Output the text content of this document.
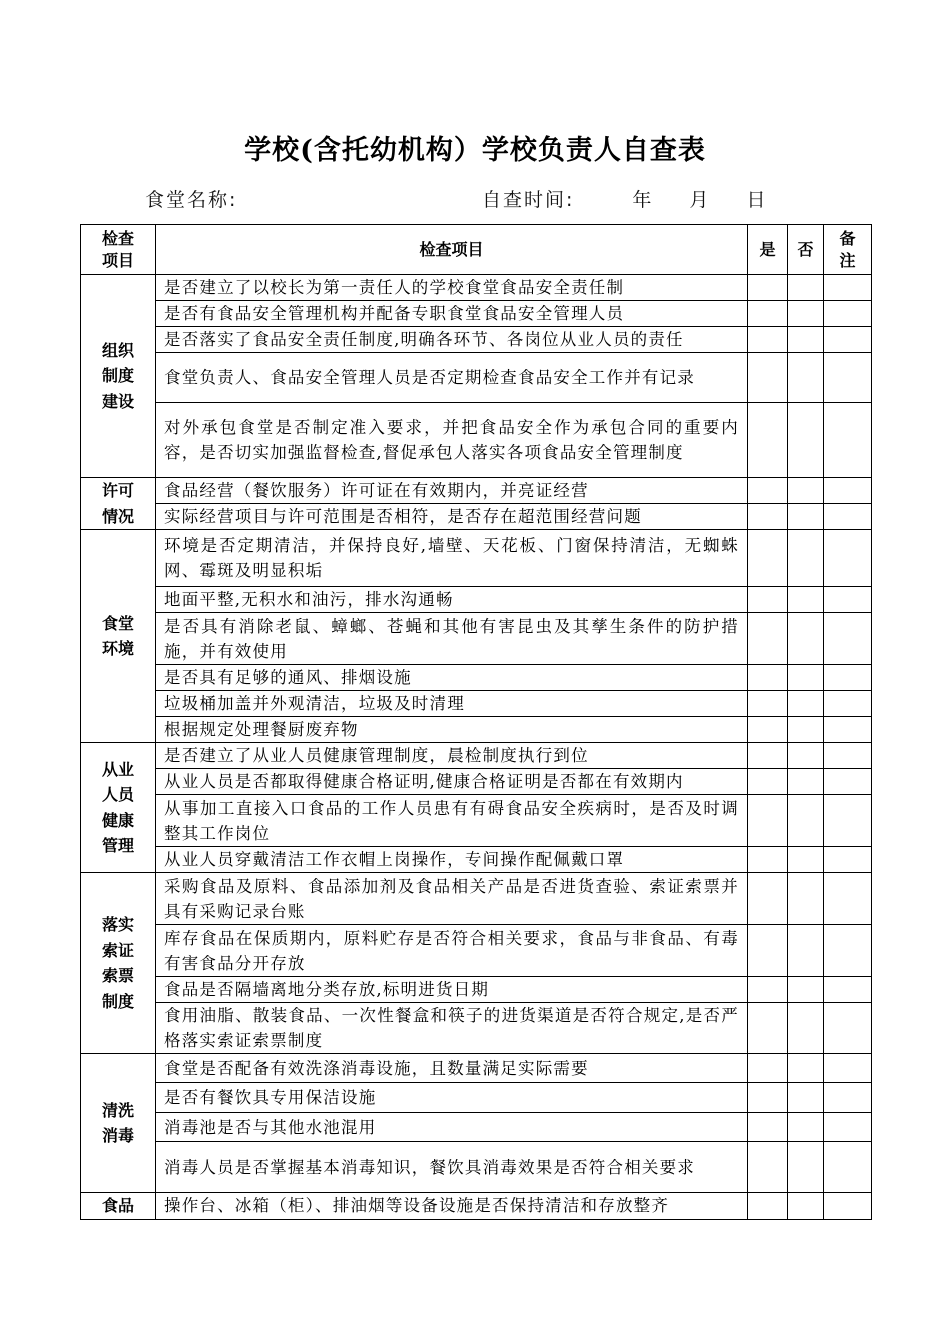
学校(含托幼机构）学校负责人自查表
食堂名称:	自查时间:	年 月 日
检查
项目	检查项目	是	否	备
注

组织
制度
建设	是否建立了以校长为第一责任人的学校食堂食品安全责任制			
	是否有食品安全管理机构并配备专职食堂食品安全管理人员			
	是否落实了食品安全责任制度,明确各环节、各岗位从业人员的责任			
	食堂负责人、食品安全管理人员是否定期检查食品安全工作并有记录			
	对外承包食堂是否制定准入要求，并把食品安全作为承包合同的重要内容，是否切实加强监督检查,督促承包人落实各项食品安全管理制度			

许可
情况	食品经营（餐饮服务）许可证在有效期内，并亮证经营			
	实际经营项目与许可范围是否相符，是否存在超范围经营问题			

食堂
环境	环境是否定期清洁，并保持良好,墙壁、天花板、门窗保持清洁，无蜘蛛网、霉斑及明显积垢			
	地面平整,无积水和油污，排水沟通畅			
	是否具有消除老鼠、蟑螂、苍蝇和其他有害昆虫及其孳生条件的防护措施，并有效使用			
	是否具有足够的通风、排烟设施			
	垃圾桶加盖并外观清洁，垃圾及时清理			
	根据规定处理餐厨废弃物			

从业
人员
健康
管理	是否建立了从业人员健康管理制度，晨检制度执行到位			
	从业人员是否都取得健康合格证明,健康合格证明是否都在有效期内			
	从事加工直接入口食品的工作人员患有有碍食品安全疾病时，是否及时调整其工作岗位			
	从业人员穿戴清洁工作衣帽上岗操作，专间操作配佩戴口罩			

落实
索证
索票
制度	采购食品及原料、食品添加剂及食品相关产品是否进货查验、索证索票并具有采购记录台账			
	库存食品在保质期内，原料贮存是否符合相关要求，食品与非食品、有毒有害食品分开存放			
	食品是否隔墙离地分类存放,标明进货日期			
	食用油脂、散装食品、一次性餐盒和筷子的进货渠道是否符合规定,是否严格落实索证索票制度			

清洗
消毒	食堂是否配备有效洗涤消毒设施，且数量满足实际需要			
	是否有餐饮具专用保洁设施			
	消毒池是否与其他水池混用			
	消毒人员是否掌握基本消毒知识，餐饮具消毒效果是否符合相关要求			

食品	操作台、冰箱（柜）、排油烟等设备设施是否保持清洁和存放整齐			
